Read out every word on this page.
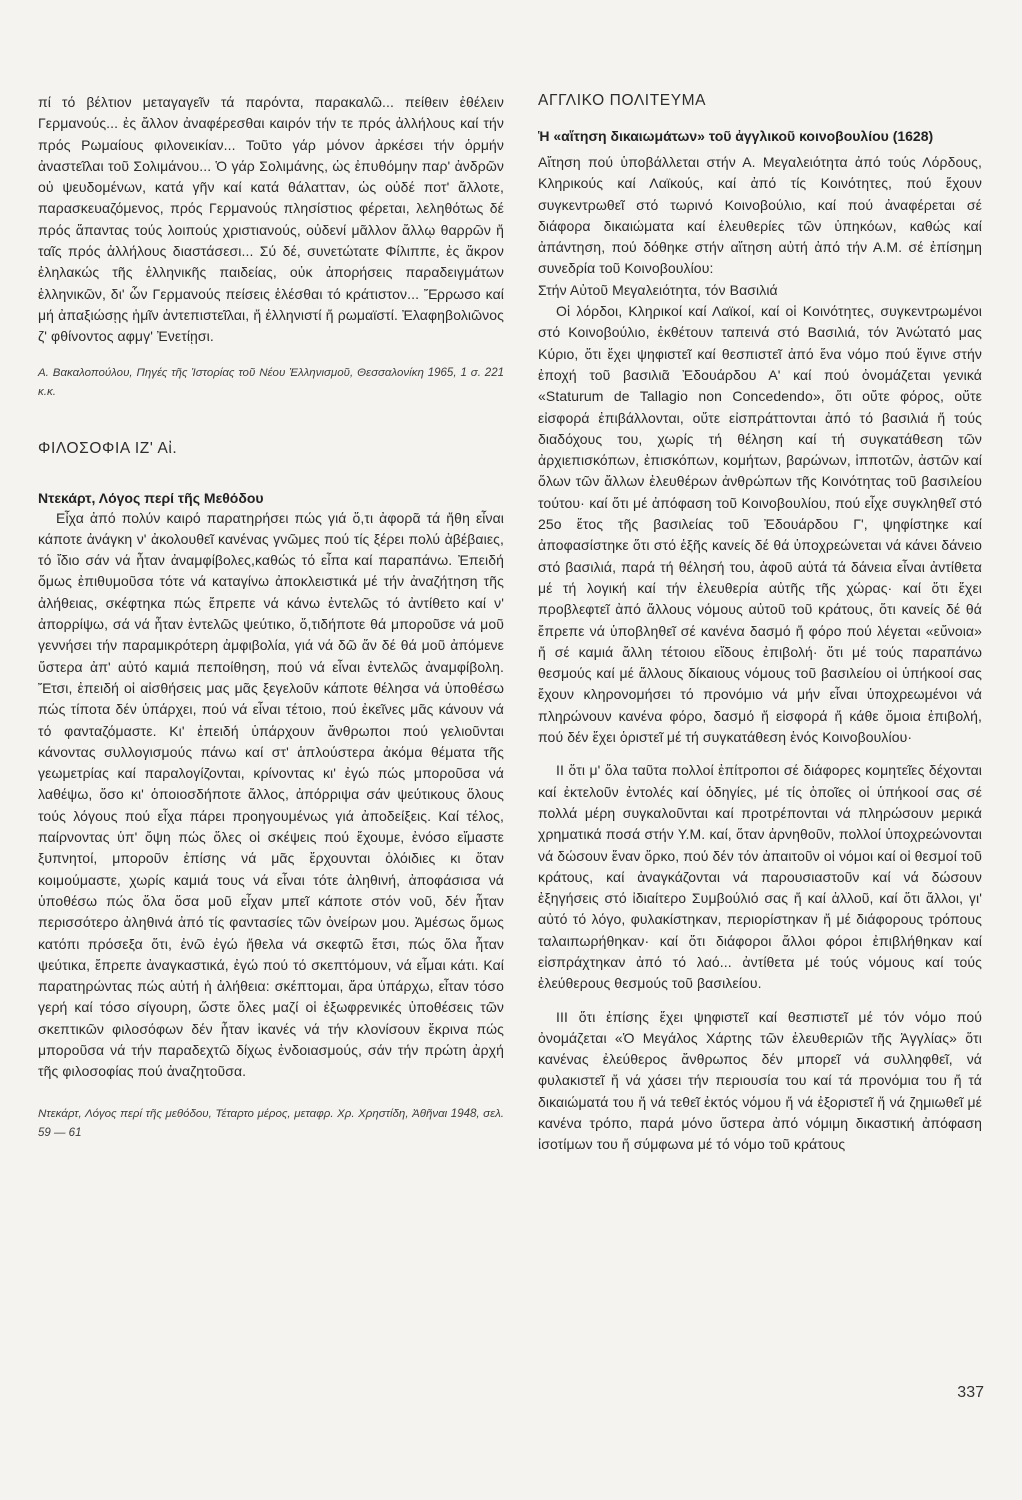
πί τό βέλτιον μεταγαγεῖν τά παρόντα, παρακαλῶ... πείθειν ἐθέλειν Γερμανούς... ἐς ἄλλον ἀναφέρεσθαι καιρόν τήν τε πρός ἀλλήλους καί τήν πρός Ρωμαίους φιλονεικίαν... Τοῦτο γάρ μόνον ἀρκέσει τήν ὁρμήν ἀναστεῖλαι τοῦ Σολιμάνου... Ὁ γάρ Σολιμάνης, ὡς ἐπυθόμην παρ' ἀνδρῶν οὐ ψευδομένων, κατά γῆν καί κατά θάλατταν, ὡς οὐδέ ποτ' ἄλλοτε, παρασκευαζόμενος, πρός Γερμανούς πλησίστιος φέρεται, λεληθότως δέ πρός ἅπαντας τούς λοιπούς χριστιανούς, οὐδενί μᾶλλον ἄλλῳ θαρρῶν ἤ ταῖς πρός ἀλλήλους διαστάσεσι... Σύ δέ, συνετώτατε Φίλιππε, ἐς ἄκρον ἐληλακώς τῆς ἑλληνικῆς παιδείας, οὐκ ἀπορήσεις παραδειγμάτων ἑλληνικῶν, δι' ὧν Γερμανούς πείσεις ἑλέσθαι τό κράτιστον... Ἔρρωσο καί μή ἀπαξιώσῃς ἡμῖν ἀντεπιστεῖλαι, ἤ ἑλληνιστί ἤ ρωμαϊστί. Ἐλαφηβολιῶνος ζ' φθίνοντος αφμγ' Ἐνετίῃσι.

Α. Βακαλοπούλου, Πηγές τῆς Ἱστορίας τοῦ Νέου Ἑλληνισμοῦ, Θεσσαλονίκη 1965, 1 σ. 221 κ.κ.

ΦΙΛΟΣΟΦΙΑ ΙΖ' Αἰ.
Ντεκάρτ, Λόγος περί τῆς Μεθόδου

Εἶχα ἀπό πολύν καιρό παρατηρήσει πώς γιά ὅ,τι ἀφορᾶ τά ἤθη εἶναι κάποτε ἀνάγκη ν' ἀκολουθεῖ κανένας γνῶμες πού τίς ξέρει πολύ ἀβέβαιες, τό ἴδιο σάν νά ἦταν ἀναμφίβολες,καθώς τό εἶπα καί παραπάνω. Ἐπειδή ὅμως ἐπιθυμοῦσα τότε νά καταγίνω ἀποκλειστικά μέ τήν ἀναζήτηση τῆς ἀλήθειας, σκέφτηκα πώς ἔπρεπε νά κάνω ἐντελῶς τό ἀντίθετο καί ν' ἀπορρίψω, σά νά ἦταν ἐντελῶς ψεύτικο, ὅ,τιδήποτε θά μποροῦσε νά μοῦ γεννήσει τήν παραμικρότερη ἀμφιβολία, γιά νά δῶ ἄν δέ θά μοῦ ἀπόμενε ὕστερα ἀπ' αὐτό καμιά πεποίθηση, πού νά εἶναι ἐντελῶς ἀναμφίβολη. Ἔτσι, ἐπειδή οἱ αἰσθήσεις μας μᾶς ξεγελοῦν κάποτε θέλησα νά ὑποθέσω πώς τίποτα δέν ὑπάρχει, πού νά εἶναι τέτοιο, πού ἐκεῖνες μᾶς κάνουν νά τό φανταζόμαστε. Κι' ἐπειδή ὑπάρχουν ἄνθρωποι πού γελιοῦνται κάνοντας συλλογισμούς πάνω καί στ' ἁπλούστερα ἀκόμα θέματα τῆς γεωμετρίας καί παραλογίζονται, κρίνοντας κι' ἐγώ πώς μποροῦσα νά λαθέψω, ὅσο κι' ὁποιοσδήποτε ἄλλος, ἀπόρριψα σάν ψεύτικους ὅλους τούς λόγους πού εἶχα πάρει προηγουμένως γιά ἀποδείξεις. Καί τέλος, παίρνοντας ὑπ' ὄψη πώς ὅλες οἱ σκέψεις πού ἔχουμε, ἐνόσο εἴμαστε ξυπνητοί, μποροῦν ἐπίσης νά μᾶς ἔρχουνται ὁλόιδιες κι ὅταν κοιμούμαστε, χωρίς καμιά τους νά εἶναι τότε ἀληθινή, ἀποφάσισα νά ὑποθέσω πώς ὅλα ὅσα μοῦ εἶχαν μπεῖ κάποτε στόν νοῦ, δέν ἦταν περισσότερο ἀληθινά ἀπό τίς φαντασίες τῶν ὀνείρων μου. Ἀμέσως ὅμως κατόπι πρόσεξα ὅτι, ἐνῶ ἐγώ ἤθελα νά σκεφτῶ ἔτσι, πώς ὅλα ἦταν ψεύτικα, ἔπρεπε ἀναγκαστικά, ἐγώ πού τό σκεπτόμουν, νά εἶμαι κάτι. Καί παρατηρώντας πώς αὐτή ἡ ἀλήθεια: σκέπτομαι, ἄρα ὑπάρχω, εἶταν τόσο γερή καί τόσο σίγουρη, ὥστε ὅλες μαζί οἱ ἐξωφρενικές ὑποθέσεις τῶν σκεπτικῶν φιλοσόφων δέν ἦταν ἱκανές νά τήν κλονίσουν ἔκρινα πώς μποροῦσα νά τήν παραδεχτῶ δίχως ἐνδοιασμούς, σάν τήν πρώτη ἀρχή τῆς φιλοσοφίας πού ἀναζητοῦσα.

Ντεκάρτ, Λόγος περί τῆς μεθόδου, Τέταρτο μέρος, μεταφρ. Χρ. Χρηστίδη, Ἀθῆναι 1948, σελ. 59 — 61

ΑΓΓΛΙΚΟ ΠΟΛΙΤΕΥΜΑ
Ἡ «αἴτηση δικαιωμάτων» τοῦ ἀγγλικοῦ κοινοβουλίου (1628)

Αἴτηση πού ὑποβάλλεται στήν Α. Μεγαλειότητα ἀπό τούς Λόρδους, Κληρικούς καί Λαϊκούς, καί ἀπό τίς Κοινότητες, πού ἔχουν συγκεντρωθεῖ στό τωρινό Κοινοβούλιο, καί πού ἀναφέρεται σέ διάφορα δικαιώματα καί ἐλευθερίες τῶν ὑπηκόων, καθώς καί ἀπάντηση, πού δόθηκε στήν αἴτηση αὐτή ἀπό τήν Α.Μ. σέ ἐπίσημη συνεδρία τοῦ Κοινοβουλίου:

Στήν Αὐτοῦ Μεγαλειότητα, τόν Βασιλιά

Οἱ λόρδοι, Κληρικοί καί Λαϊκοί, καί οἱ Κοινότητες, συγκεντρωμένοι στό Κοινοβούλιο, ἐκθέτουν ταπεινά στό Βασιλιά, τόν Ἀνώτατό μας Κύριο, ὅτι ἔχει ψηφιστεῖ καί θεσπιστεῖ ἀπό ἕνα νόμο πού ἔγινε στήν ἐποχή τοῦ βασιλιᾶ Ἐδουάρδου Α' καί πού ὀνομάζεται γενικά «Staturum de Tallagio non Concedendo», ὅτι οὔτε φόρος, οὔτε εἰσφορά ἐπιβάλλονται, οὔτε εἰσπράττονται ἀπό τό βασιλιά ἤ τούς διαδόχους του, χωρίς τή θέληση καί τή συγκατάθεση τῶν ἀρχιεπισκόπων, ἐπισκόπων, κομήτων, βαρώνων, ἱπποτῶν, ἀστῶν καί ὅλων τῶν ἄλλων ἐλευθέρων ἀνθρώπων τῆς Κοινότητας τοῦ βασιλείου τούτου· καί ὅτι μέ ἀπόφαση τοῦ Κοινοβουλίου, πού εἶχε συγκληθεῖ στό 25ο ἔτος τῆς βασιλείας τοῦ Ἐδουάρδου Γ', ψηφίστηκε καί ἀποφασίστηκε ὅτι στό ἑξῆς κανείς δέ θά ὑποχρεώνεται νά κάνει δάνειο στό βασιλιά, παρά τή θέλησή του, ἀφοῦ αὐτά τά δάνεια εἶναι ἀντίθετα μέ τή λογική καί τήν ἐλευθερία αὐτῆς τῆς χώρας· καί ὅτι ἔχει προβλεφτεῖ ἀπό ἄλλους νόμους αὐτοῦ τοῦ κράτους, ὅτι κανείς δέ θά ἔπρεπε νά ὑποβληθεῖ σέ κανένα δασμό ἤ φόρο πού λέγεται «εὔνοια» ἤ σέ καμιά ἄλλη τέτοιου εἴδους ἐπιβολή· ὅτι μέ τούς παραπάνω θεσμούς καί μέ ἄλλους δίκαιους νόμους τοῦ βασιλείου οἱ ὑπήκοοί σας ἔχουν κληρονομήσει τό προνόμιο νά μήν εἶναι ὑποχρεωμένοι νά πληρώνουν κανένα φόρο, δασμό ἤ εἰσφορά ἤ κάθε ὅμοια ἐπιβολή, πού δέν ἔχει ὁριστεῖ μέ τή συγκατάθεση ἑνός Κοινοβουλίου·

ΙΙ ὅτι μ' ὅλα ταῦτα πολλοί ἐπίτροποι σέ διάφορες κομητεῖες δέχονται καί ἐκτελοῦν ἐντολές καί ὁδηγίες, μέ τίς ὁποῖες οἱ ὑπήκοοί σας σέ πολλά μέρη συγκαλοῦνται καί προτρέπονται νά πληρώσουν μερικά χρηματικά ποσά στήν Υ.Μ. καί, ὅταν ἀρνηθοῦν, πολλοί ὑποχρεώνονται νά δώσουν ἕναν ὅρκο, πού δέν τόν ἀπαιτοῦν οἱ νόμοι καί οἱ θεσμοί τοῦ κράτους, καί ἀναγκάζονται νά παρουσιαστοῦν καί νά δώσουν ἐξηγήσεις στό ἰδιαίτερο Συμβούλιό σας ἤ καί ἀλλοῦ, καί ὅτι ἄλλοι, γι' αὐτό τό λόγο, φυλακίστηκαν, περιορίστηκαν ἤ μέ διάφορους τρόπους ταλαιπωρήθηκαν· καί ὅτι διάφοροι ἄλλοι φόροι ἐπιβλήθηκαν καί εἰσπράχτηκαν ἀπό τό λαό... ἀντίθετα μέ τούς νόμους καί τούς ἐλεύθερους θεσμούς τοῦ βασιλείου.

ΙΙΙ ὅτι ἐπίσης ἔχει ψηφιστεῖ καί θεσπιστεῖ μέ τόν νόμο πού ὀνομάζεται «Ὁ Μεγάλος Χάρτης τῶν ἐλευθεριῶν τῆς Ἀγγλίας» ὅτι κανένας ἐλεύθερος ἄνθρωπος δέν μπορεῖ νά συλληφθεῖ, νά φυλακιστεῖ ἤ νά χάσει τήν περιουσία του καί τά προνόμια του ἤ τά δικαιώματά του ἤ νά τεθεῖ ἐκτός νόμου ἤ νά ἐξοριστεῖ ἤ νά ζημιωθεῖ μέ κανένα τρόπο, παρά μόνο ὕστερα ἀπό νόμιμη δικαστική ἀπόφαση ἰσοτίμων του ἤ σύμφωνα μέ τό νόμο τοῦ κράτους

337
